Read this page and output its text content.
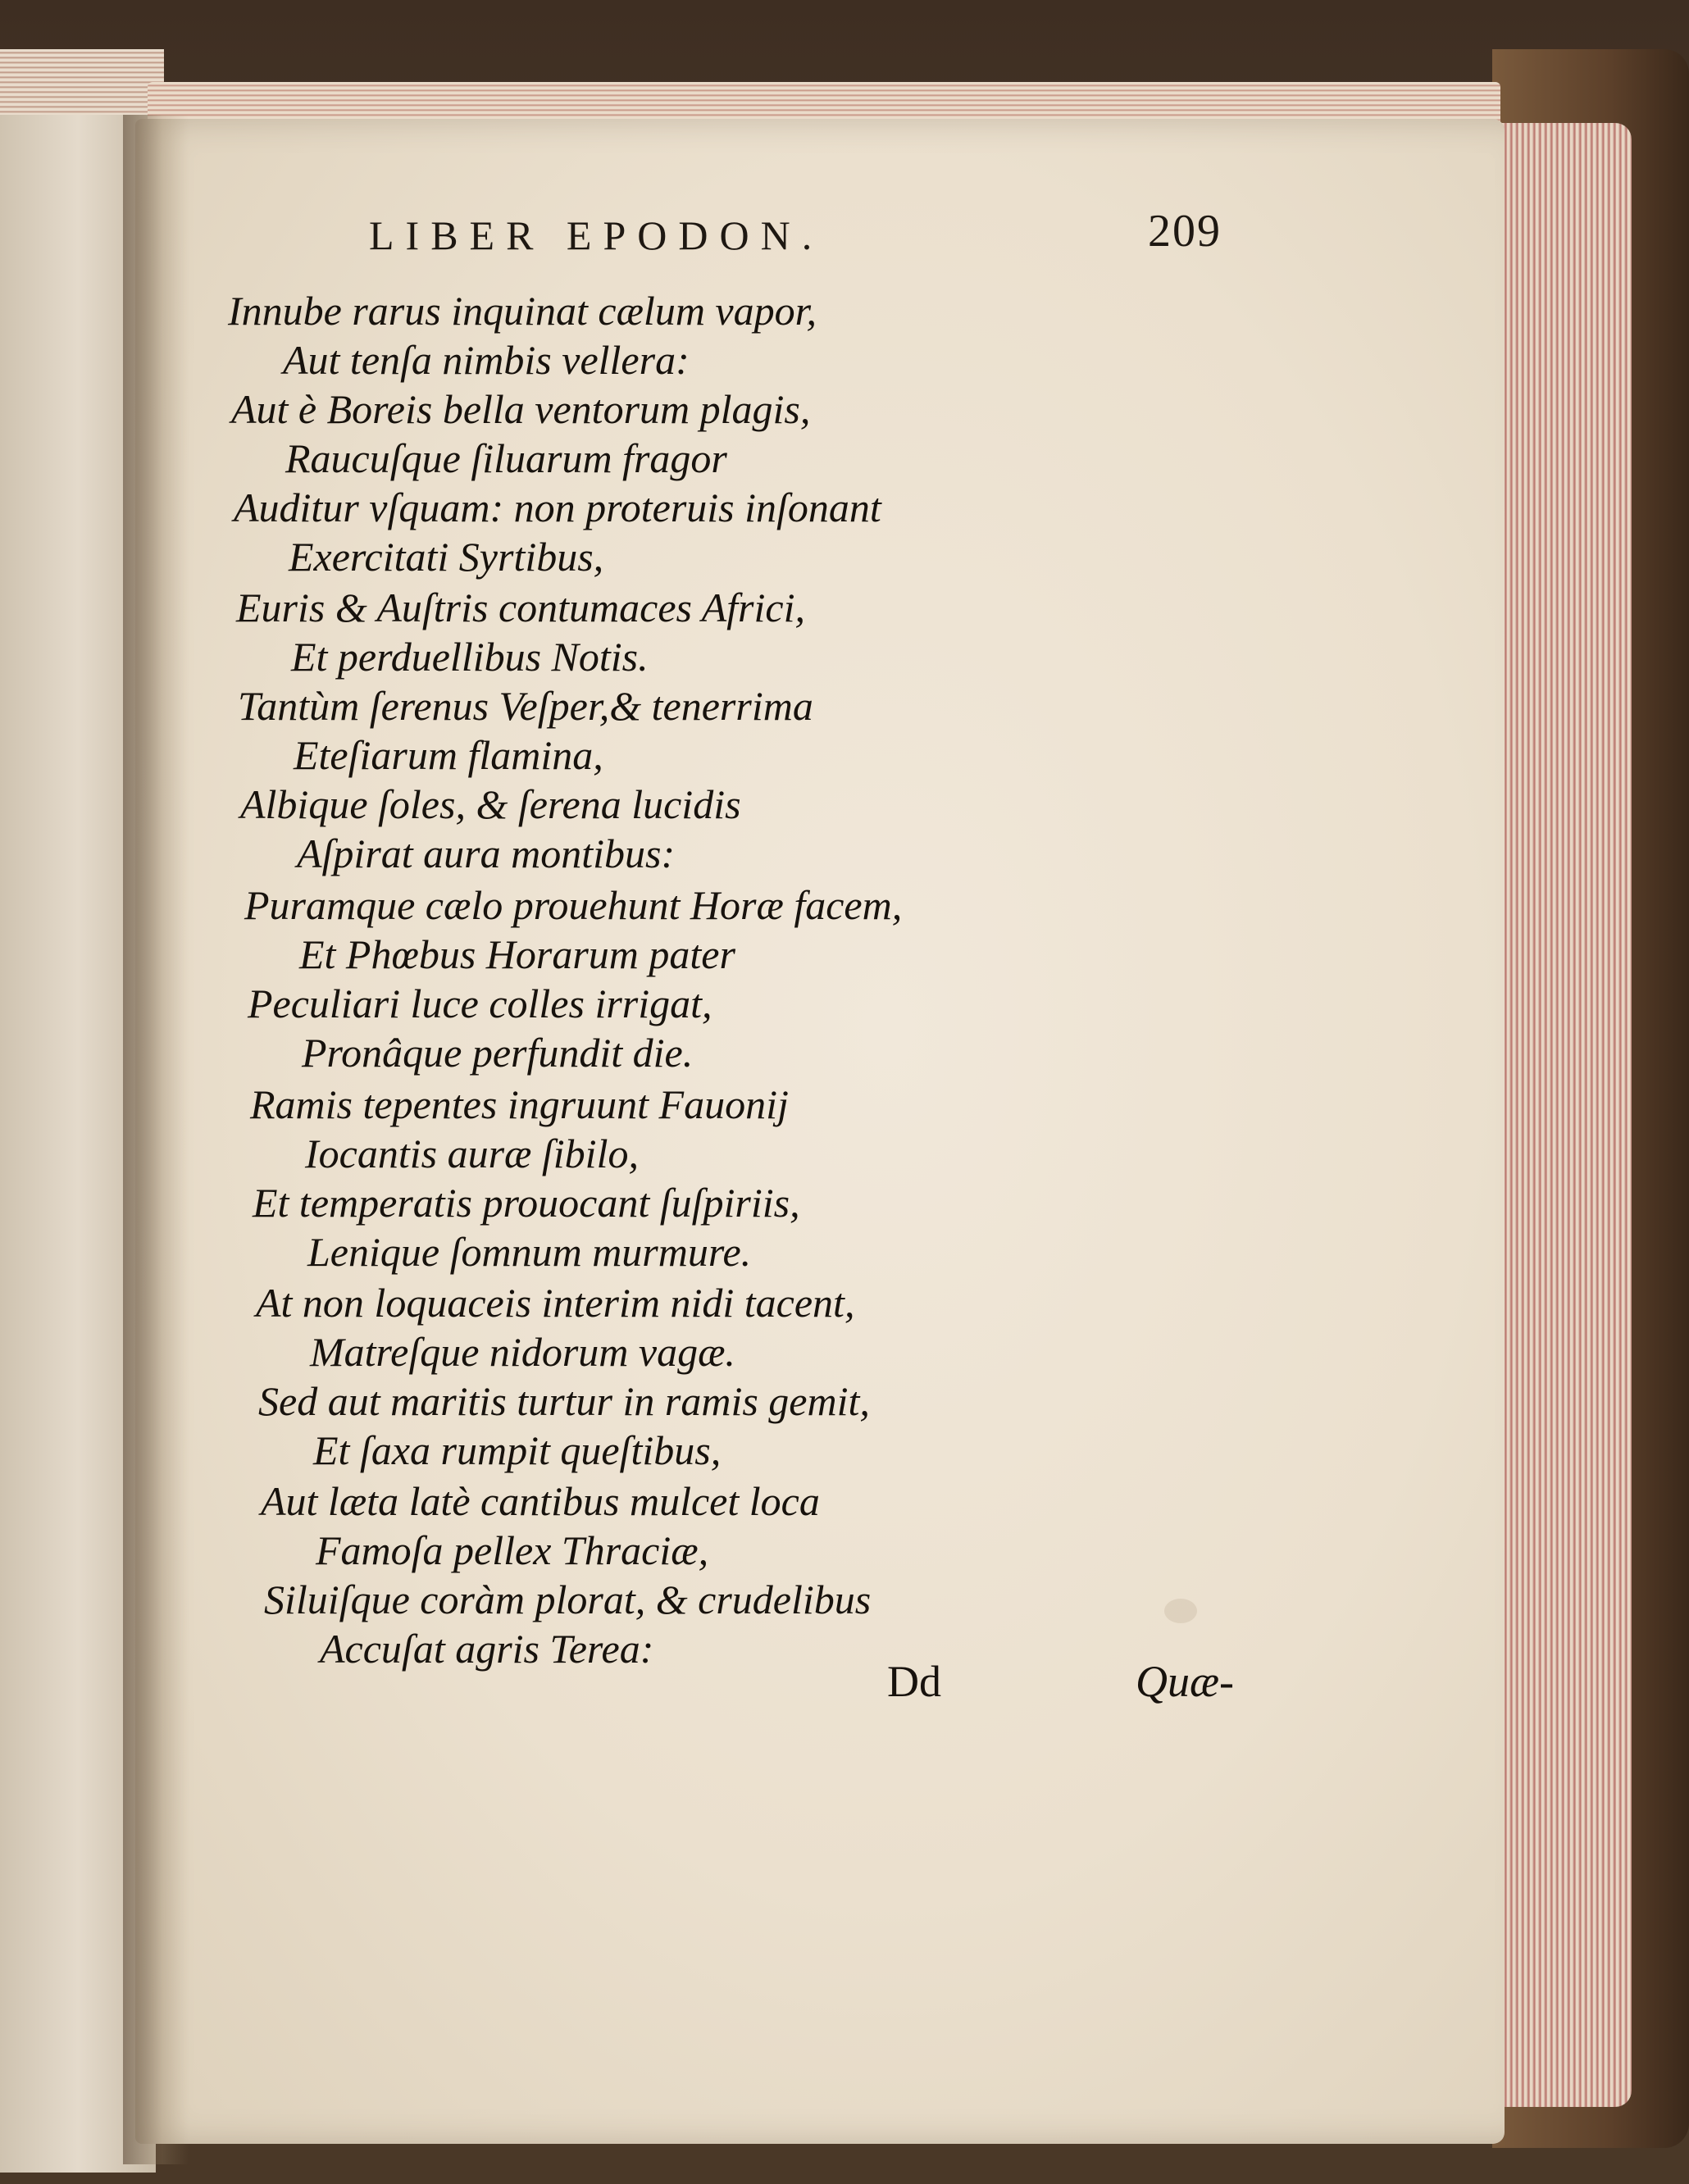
LIBER EPODON.	209
Innube rarus inquinat cælum vapor,
Aut tenſa nimbis vellera:
Aut è Boreis bella ventorum plagis,
Raucuſque ſiluarum fragor
Auditur vſquam: non proteruis inſonant
Exercitati Syrtibus,
Euris & Auſtris contumaces Africi,
Et perduellibus Notis.
Tantùm ſerenus Veſper,& tenerrima
Eteſiarum flamina,
Albique ſoles, & ſerena lucidis
Aſpirat aura montibus:
Puramque cælo prouehunt Horæ facem,
Et Phœbus Horarum pater
Peculiari luce colles irrigat,
Pronâque perfundit die.
Ramis tepentes ingruunt Fauonij
Iocantis auræ ſibilo,
Et temperatis prouocant ſuſpiriis,
Lenique ſomnum murmure.
At non loquaceis interim nidi tacent,
Matreſque nidorum vagæ.
Sed aut maritis turtur in ramis gemit,
Et ſaxa rumpit queſtibus,
Aut læta latè cantibus mulcet loca
Famoſa pellex Thraciæ,
Siluiſque coràm plorat, & crudelibus
Accuſat agris Terea:
Dd	Quæ-
